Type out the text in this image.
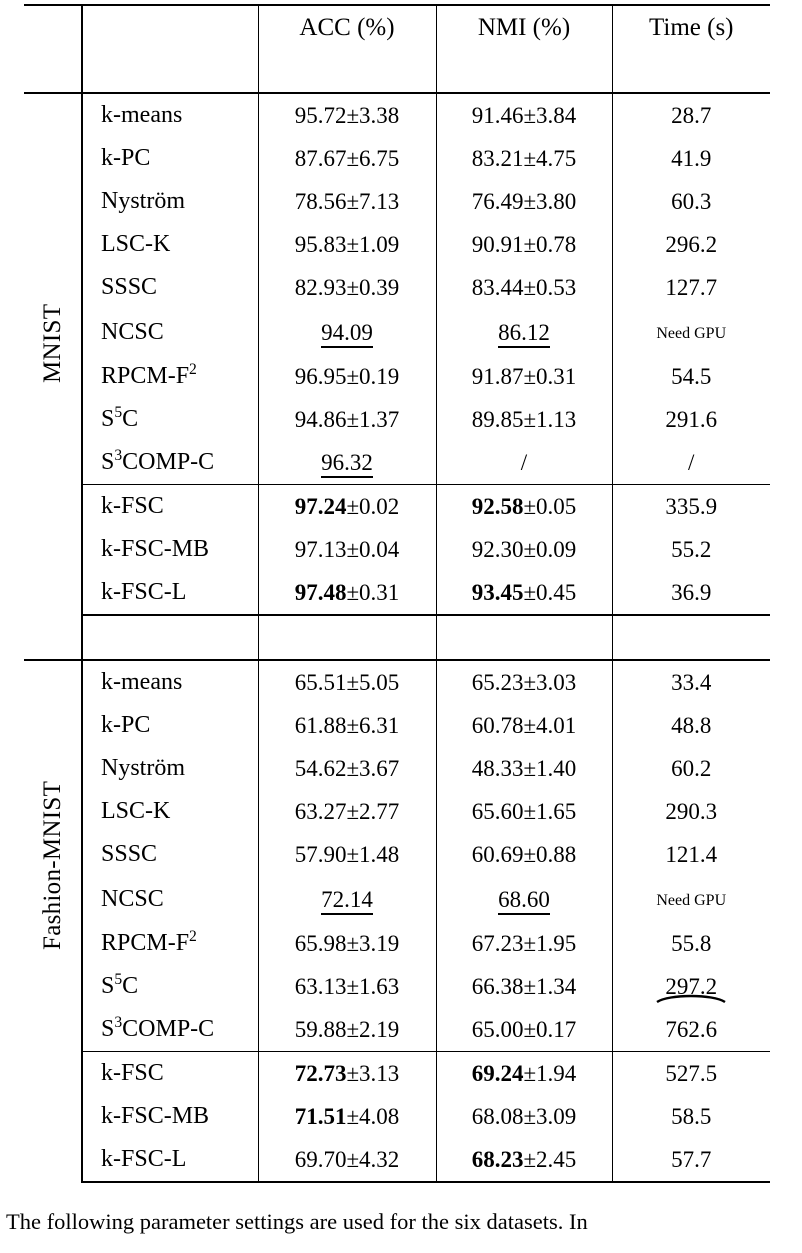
		ACC (%)	NMI (%)	Time (s)

MNIST	k-means	95.72±3.38	91.46±3.84	28.7
	k-PC	87.67±6.75	83.21±4.75	41.9
	Nyström	78.56±7.13	76.49±3.80	60.3
	LSC-K	95.83±1.09	90.91±0.78	296.2
	SSSC	82.93±0.39	83.44±0.53	127.7
	NCSC	94.09	86.12	Need GPU
	RPCM-$F^2$	96.95±0.19	91.87±0.31	54.5
	$S^5C$	94.86±1.37	89.85±1.13	291.6
	$S^3COMP-C$	96.32	/	/
	k-FSC	97.24±0.02	92.58±0.05	335.9
	k-FSC-MB	97.13±0.04	92.30±0.09	55.2
	k-FSC-L	97.48±0.31	93.45±0.45	36.9

Fashion-MNIST	k-means	65.51±5.05	65.23±3.03	33.4
	k-PC	61.88±6.31	60.78±4.01	48.8
	Nyström	54.62±3.67	48.33±1.40	60.2
	LSC-K	63.27±2.77	65.60±1.65	290.3
	SSSC	57.90±1.48	60.69±0.88	121.4
	NCSC	72.14	68.60	Need GPU
	RPCM-$F^2$	65.98±3.19	67.23±1.95	55.8
	$S^5C$	63.13±1.63	66.38±1.34	297.2
	$S^3COMP-C$	59.88±2.19	65.00±0.17	762.6
	k-FSC	72.73±3.13	69.24±1.94	527.5
	k-FSC-MB	71.51±4.08	68.08±3.09	58.5
	k-FSC-L	69.70±4.32	68.23±2.45	57.7
The following parameter settings are used for the six datasets. In
